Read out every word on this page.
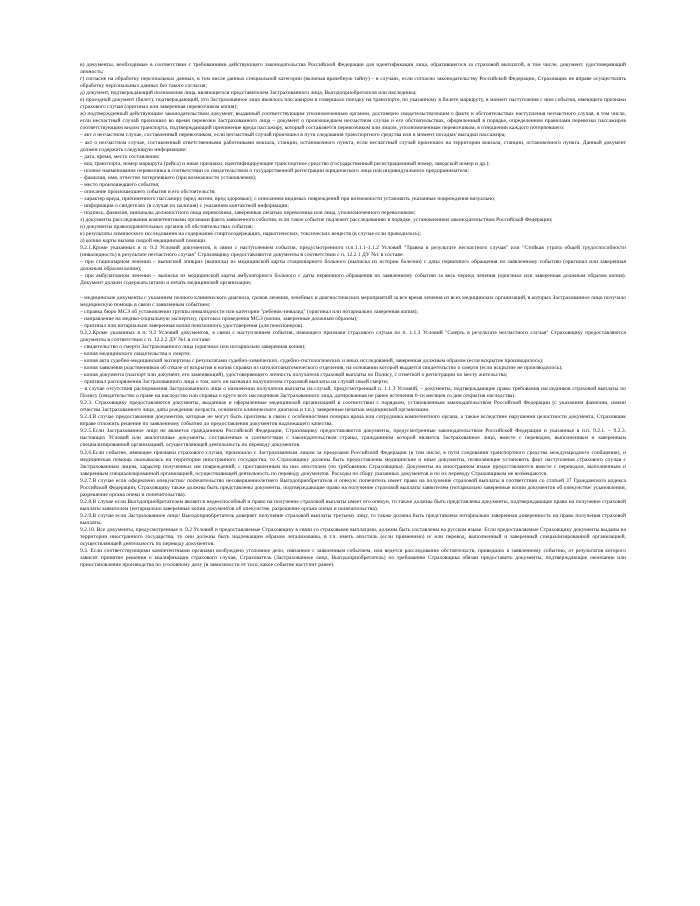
в) документы, необходимые в соответствии с требованиями действующего законодательства Российской Федерации для идентификации лица, обратившегося за страховой выплатой, в том числе, документ, удостоверяющий личность;

г) согласие на обработку персональных данных, в том числе данных специальной категории (включая врачебную тайну) – в случаях, если согласно законодательству Российской Федерации, Страховщик не вправе осуществлять обработку персональных данных без такого согласия;

д) документ, подтверждающий полномочия лица, являющегося представителем Застрахованного лица, Выгодоприобретателя или наследника;

е) проездной документ (билет), подтверждающий, что Застрахованное лицо являлось пассажиром и совершало поездку на транспорте, по указанному в билете маршруту, в момент наступления с ним события, имеющего признаки страхового случая (оригинал или заверенная перевозчиком копия);

ж) подтвержденный действующим законодательством документ, выданный соответствующим уполномоченным органом, достоверно свидетельствующим о факте и обстоятельствах наступления несчастного случая, в том числе, если несчастный случай произошел во время перевозки Застрахованного лица – документ о произошедшем несчастном случае и его обстоятельствах, оформленный в порядке, определенном правилами перевозки пассажиров соответствующим видом транспорта, подтверждающий причинение вреда пассажиру, который составляется перевозчиком или лицом, уполномоченным перевозчиком, в отношении каждого потерпевшего:

– акт о несчастном случае, составленный перевозчиком, если несчастный случай произошел в пути следования транспортного средства или в момент посадки/ высадки пассажира;

– акт о несчастном случае, составленный ответственными работниками вокзала, станции, остановочного пункта, если несчастный случай произошел на территории вокзала, станции, остановочного пункта. Данный документ должен содержать следующую информацию:

– дата, время, место составления;

– вид транспорта, номер маршрута (рейса) и иные признаки, идентифицирующие транспортное средство (государственный регистрационный номер, заводской номер и др.);

– полное наименование перевозчика в соответствии со свидетельством о государственной регистрации юридического лица или индивидуального предпринимателя;

– фамилия, имя, отчество потерпевшего (при возможности установления);

– место произошедшего события;

– описание произошедшего события и его обстоятельств;

– характер вреда, причиненного пассажиру (вред жизни, вред здоровью), с описанием видимых повреждений при возможности установить указанные повреждения визуально;

– информация о свидетелях (в случае их наличия) с указанием контактной информации;

– подпись, фамилия, инициалы должностного лица перевозчика, заверенные печатью перевозчика или лица, уполномоченного перевозчиком;

з) документы расследования компетентными органами факта заявленного события, если такое событие подлежит расследованию в порядке, установленном законодательством Российской Федерации;

и) документы правоохранительных органов об обстоятельствах события;

к) результаты химического исследования на содержание спиртосодержащих, наркотических, токсических веществ (в случае если проводилось);

л) копию карты вызова скорой медицинской помощи.

9.2.1.Кроме указанных в п. 9.2 Условий документов, в связи с наступлением события, предусмотренного п.п.1.1.1-1.1.2 Условий "Травма в результате несчастного случая" или "Стойкая утрата общей трудоспособности (инвалидность) в результате несчастного случая" Страховщику предоставляются документы в соответствии с п. 12.2.1 ДУ №1 в составе:

– при стационарном лечении – выписной эпикриз (выписка) из медицинской карты стационарного больного (выписка из истории болезни) с даты первичного обращения по заявленному событию (оригинал или заверенная должным образом копия);

– при амбулаторном лечении – выписка из медицинской карты амбулаторного больного с даты первичного обращения по заявленному событию за весь период лечения (оригинал или заверенная должным образом копия). Документ должен содержать штамп и печать медицинской организации;

– медицинские документы с указанием полного клинического диагноза, сроков лечения, лечебных и диагностических мероприятий за все время лечения из всех медицинских организаций, в которых Застрахованное лицо получало медицинскую помощь в связи с заявленным событием;

– справка бюро МСЭ об установлении группы инвалидности или категории "ребенок-инвалид" (оригинал или нотариально заверенная копия);

– направление на медико-социальную экспертизу, протокол проведения МСЭ (копии, заверенные должным образом);

– оригинал или нотариально заверенная копия пенсионного удостоверения (для пенсионеров).

9.2.2.Кроме указанных в п. 9.2 Условий документов, в связи с наступлением события, имеющего признаки страхового случая по п. 1.1.3 Условий "Смерть в результате несчастного случая" Страховщику предоставляются документы в соответствии с п. 12.2.2 ДУ №1 в составе:

– свидетельство о смерти Застрахованного лица (оригинал или нотариально заверенная копия);

– копия медицинского свидетельства о смерти;

– копия акта судебно-медицинской экспертизы с результатами судебно-химических, судебно-гистологических и иных исследований, заверенная должным образом (если вскрытие производилось);

– копия заявления родственников об отказе от вскрытия и копия справки из патологоанатомического отделения, на основании которой выдается свидетельство о смерти (если вскрытие не производилось);

– копия документа (паспорт или документ, его заменяющий), удостоверяющего личность получателя страховой выплаты по Полису, с отметкой о регистрации по месту жительства;

– оригинал распоряжения Застрахованного лица о том, кого он назначил получателем страховой выплаты на случай своей смерти;

– в случае отсутствия распоряжения Застрахованного лица о назначении получателя выплаты на случай, предусмотренный п. 1.1.3 Условий, – документы, подтверждающие право требования наследников страховой выплаты по Полису (свидетельство о праве на наследство или справка о круге всех наследников Застрахованного лица, датированная не ранее истечения 6-ти месяцев со дня открытия наследства).

9.2.3. Страховщику предоставляются документы, выданные и оформленные медицинской организацией в соответствии с порядком, установленным законодательством Российской Федерации (с указанием фамилии, имени отчества Застрахованного лица, даты рождения/ возраста, основного клинического диагноза и т.п.), заверенные печатью медицинской организации.

9.2.4.В случае предоставления документов, которые не могут быть прочтены в связи с особенностями почерка врача или сотрудника компетентного органа, а также вследствие нарушения целостности документа, Страховщик вправе отложить решение по заявленному событию до предоставления документов надлежащего качества.

9.2.5.Если Застрахованное лицо не является гражданином Российской Федерации, Страховщику предоставляются документы, предусмотренные законодательством Российской Федерации и указанные в п.п. 9.2.1. – 9.2.3. настоящих Условий или аналогичные документы, составленные в соответствии с законодательством страны, гражданином которой является Застрахованное лицо, вместе с переводом, выполненным и заверенным специализированной организацией, осуществляющей деятельность по переводу документов.

9.2.6.Если событие, имеющее признаки страхового случая, произошло с Застрахованным лицом за пределами Российской Федерации (в том числе, в пути следования транспортного средства международного сообщения), и медицинская помощь оказывалась на территории иностранного государства, то Страховщику должны быть предоставлены медицинские и иные документы, позволяющие установить факт наступления страхового случая с Застрахованным лицом, характер полученных им повреждений, с проставленным на них апостилем (по требованию Страховщика). Документы на иностранном языке предоставляются вместе с переводом, выполненным и заверенным специализированной организацией, осуществляющей деятельность по переводу документов. Расходы по сбору указанных документов и по их переводу Страховщиком не возмещаются.

9.2.7.В случае если оформлено опекунство/ попечительство несовершеннолетнего Выгодоприобретателя и опекун/ попечитель имеет право на получение страховой выплаты в соответствии со статьей 37 Гражданского кодекса Российской Федерации, Страховщику также должны быть представлены документы, подтверждающие право на получение страховой выплаты заявителем (нотариально заверенные копии документов об опекунстве/ усыновлении, разрешение органа опеки и попечительства).

9.2.8.В случае если Выгодоприобретателем является недееспособный и право на получение страховой выплаты имеет его опекун, то также должны быть представлены документы, подтверждающие право на получение страховой выплаты заявителем (нотариально заверенные копии документов об опекунстве, разрешение органа опеки и попечительства).

9.2.9.В случае если Застрахованное лицо/ Выгодоприобретатель доверяет получение страховой выплаты третьему лицу, то также должна быть представлена нотариально заверенная доверенность на право получения страховой выплаты.

9.2.10. Все документы, предусмотренные п. 9.2 Условий и предоставляемые Страховщику в связи со страховыми выплатами, должны быть составлены на русском языке. Если предоставляемые Страховщику документы выданы на территории иностранного государства, то они должны быть надлежащим образом легализованы, в т.ч. иметь апостиль (если применимо) и/ или перевод, выполненный и заверенный специализированной организацией, осуществляющей деятельность по переводу документов.

9.3. Если соответствующими компетентными органами возбуждено уголовное дело, связанное с заявленным событием, или ведется расследование обстоятельств, приведших к заявленному событию, от результатов которого зависит принятие решения о квалификации страхового случая, Страхователь (Застрахованное лицо, Выгодоприобретатель) по требованию Страховщика обязан предоставить документы, подтверждающие окончание или приостановление производства по уголовному делу (в зависимости от того, какое событие наступит ранее).
